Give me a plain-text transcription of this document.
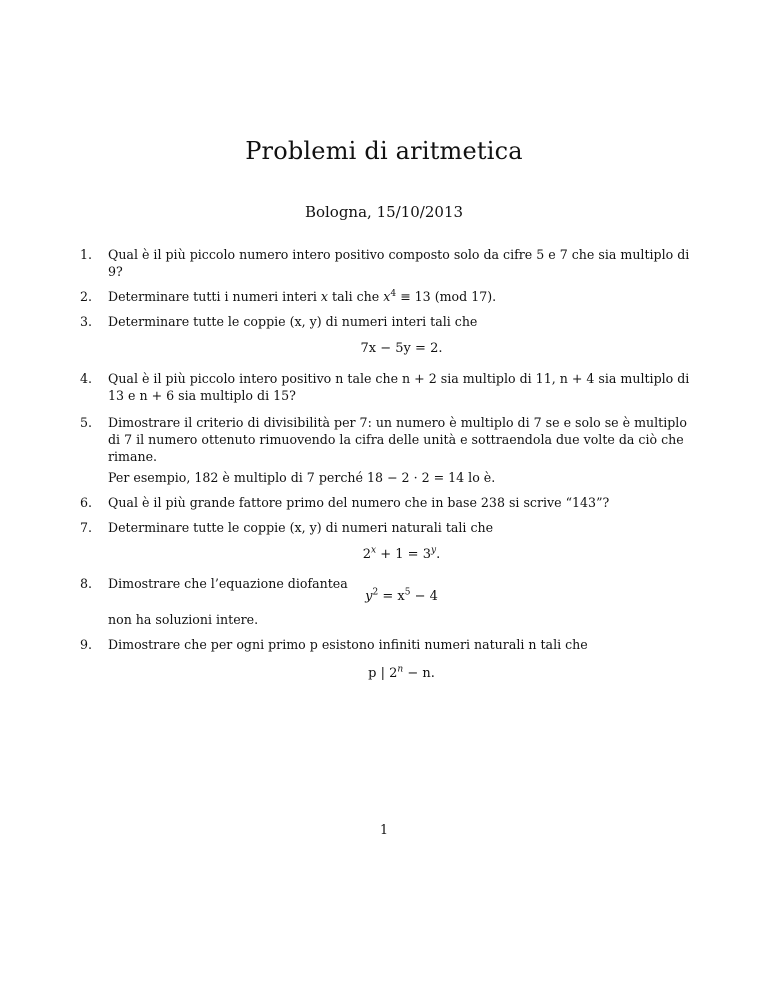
Problemi di aritmetica
Bologna, 15/10/2013
1. Qual è il più piccolo numero intero positivo composto solo da cifre 5 e 7 che sia multiplo di 9?
2. Determinare tutti i numeri interi x tali che $x^4 \equiv 13$ (mod 17).
3. Determinare tutte le coppie (x, y) di numeri interi tali che
7x − 5y = 2.
4. Qual è il più piccolo intero positivo n tale che n + 2 sia multiplo di 11, n + 4 sia multiplo di 13 e n + 6 sia multiplo di 15?
5. Dimostrare il criterio di divisibilità per 7: un numero è multiplo di 7 se e solo se è multiplo di 7 il numero ottenuto rimuovendo la cifra delle unità e sottraendola due volte da ciò che rimane.
Per esempio, 182 è multiplo di 7 perché 18 − 2 · 2 = 14 lo è.
6. Qual è il più grande fattore primo del numero che in base 238 si scrive “143”?
7. Determinare tutte le coppie (x, y) di numeri naturali tali che
$2^x + 1 = 3^y$.
8. Dimostrare che l’equazione diofantea
$y^2 = x^5 - 4$
non ha soluzioni intere.
9. Dimostrare che per ogni primo p esistono infiniti numeri naturali n tali che
p | $2^n - n$.
1
